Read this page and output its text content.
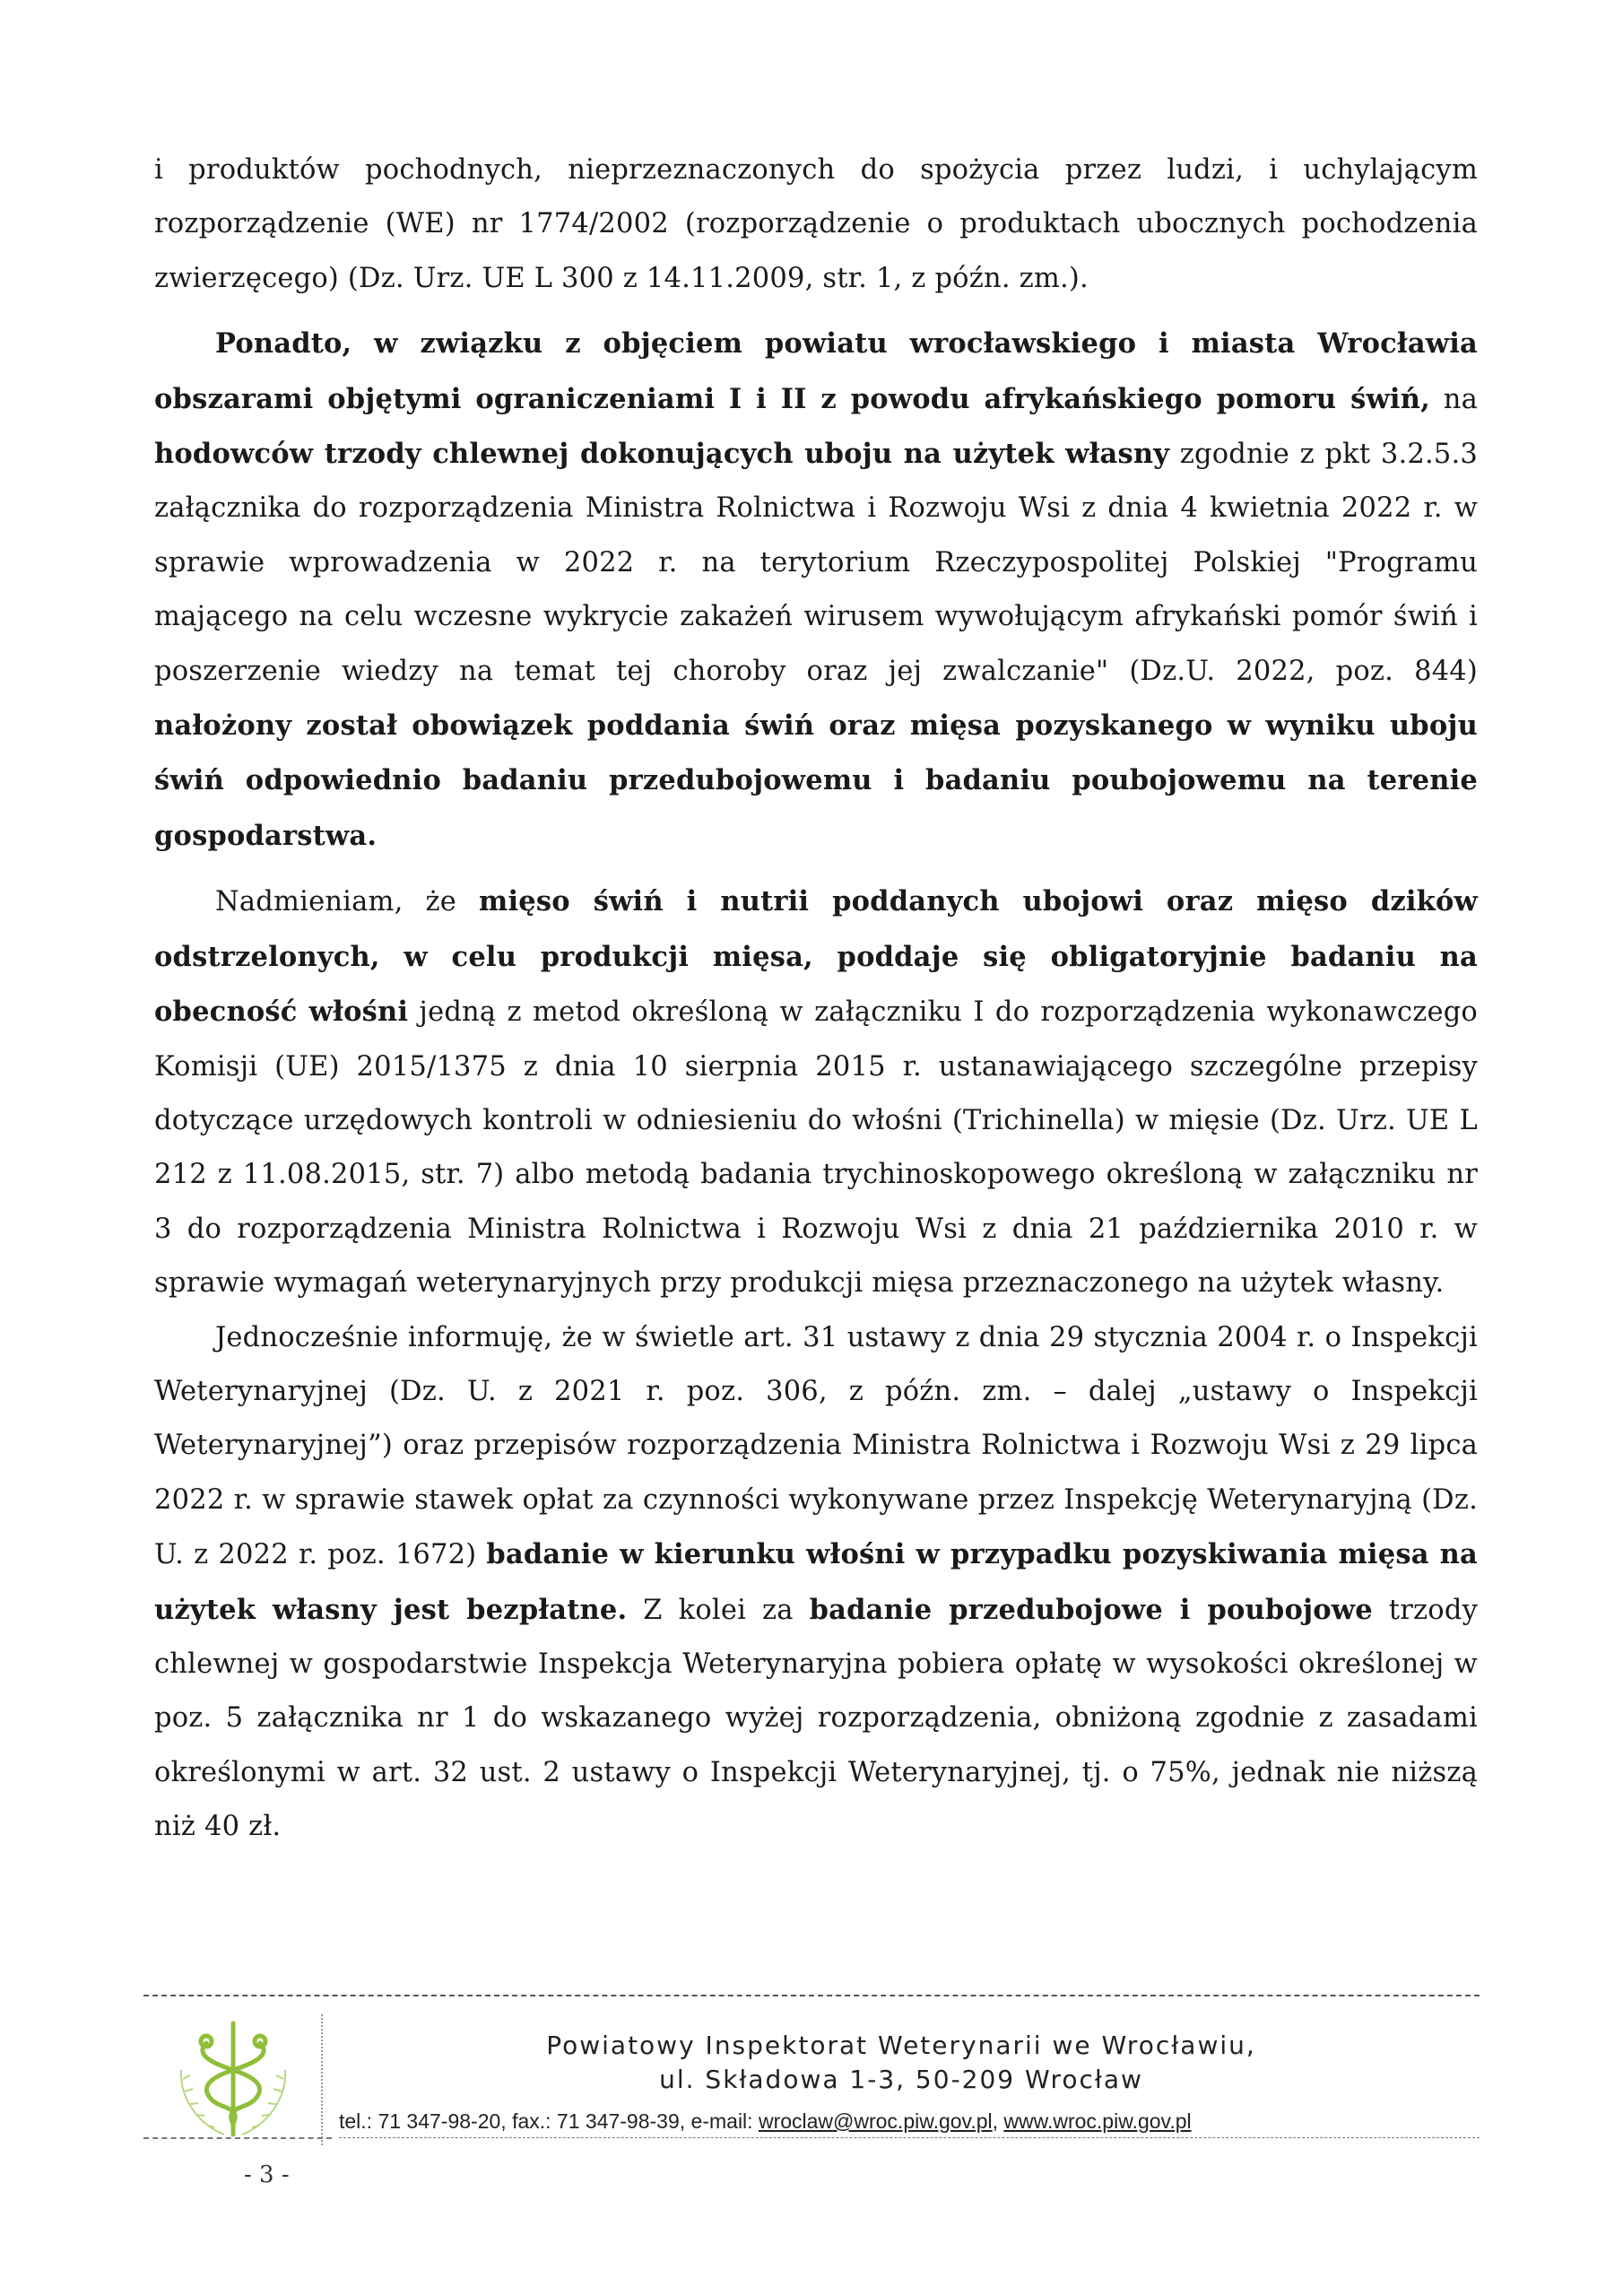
i produktów pochodnych, nieprzeznaczonych do spożycia przez ludzi, i uchylającym rozporządzenie (WE) nr 1774/2002 (rozporządzenie o produktach ubocznych pochodzenia zwierzęcego) (Dz. Urz. UE L 300 z 14.11.2009, str. 1, z późn. zm.).

Ponadto, w związku z objęciem powiatu wrocławskiego i miasta Wrocławia obszarami objętymi ograniczeniami I i II z powodu afrykańskiego pomoru świń, na hodowców trzody chlewnej dokonujących uboju na użytek własny zgodnie z pkt 3.2.5.3 załącznika do rozporządzenia Ministra Rolnictwa i Rozwoju Wsi z dnia 4 kwietnia 2022 r. w sprawie wprowadzenia w 2022 r. na terytorium Rzeczypospolitej Polskiej "Programu mającego na celu wczesne wykrycie zakażeń wirusem wywołującym afrykański pomór świń i poszerzenie wiedzy na temat tej choroby oraz jej zwalczanie" (Dz.U. 2022, poz. 844) nałożony został obowiązek poddania świń oraz mięsa pozyskanego w wyniku uboju świń odpowiednio badaniu przedubojowemu i badaniu poubojowemu na terenie gospodarstwa.

Nadmieniam, że mięso świń i nutrii poddanych ubojowi oraz mięso dzików odstrzelonych, w celu produkcji mięsa, poddaje się obligatoryjnie badaniu na obecność włośni jedną z metod określoną w załączniku I do rozporządzenia wykonawczego Komisji (UE) 2015/1375 z dnia 10 sierpnia 2015 r. ustanawiającego szczególne przepisy dotyczące urzędowych kontroli w odniesieniu do włośni (Trichinella) w mięsie (Dz. Urz. UE L 212 z 11.08.2015, str. 7) albo metodą badania trychinoskopowego określoną w załączniku nr 3 do rozporządzenia Ministra Rolnictwa i Rozwoju Wsi z dnia 21 października 2010 r. w sprawie wymagań weterynaryjnych przy produkcji mięsa przeznaczonego na użytek własny.

Jednocześnie informuję, że w świetle art. 31 ustawy z dnia 29 stycznia 2004 r. o Inspekcji Weterynaryjnej (Dz. U. z 2021 r. poz. 306, z późn. zm. – dalej „ustawy o Inspekcji Weterynaryjnej”) oraz przepisów rozporządzenia Ministra Rolnictwa i Rozwoju Wsi z 29 lipca 2022 r. w sprawie stawek opłat za czynności wykonywane przez Inspekcję Weterynaryjną (Dz. U. z 2022 r. poz. 1672) badanie w kierunku włośni w przypadku pozyskiwania mięsa na użytek własny jest bezpłatne. Z kolei za badanie przedubojowe i poubojowe trzody chlewnej w gospodarstwie Inspekcja Weterynaryjna pobiera opłatę w wysokości określonej w poz. 5 załącznika nr 1 do wskazanego wyżej rozporządzenia, obniżoną zgodnie z zasadami określonymi w art. 32 ust. 2 ustawy o Inspekcji Weterynaryjnej, tj. o 75%, jednak nie niższą niż 40 zł.

Powiatowy Inspektorat Weterynarii we Wrocławiu,
ul. Składowa 1-3, 50-209 Wrocław
tel.: 71 347-98-20, fax.: 71 347-98-39, e-mail: wroclaw@wroc.piw.gov.pl, www.wroc.piw.gov.pl
- 3 -
